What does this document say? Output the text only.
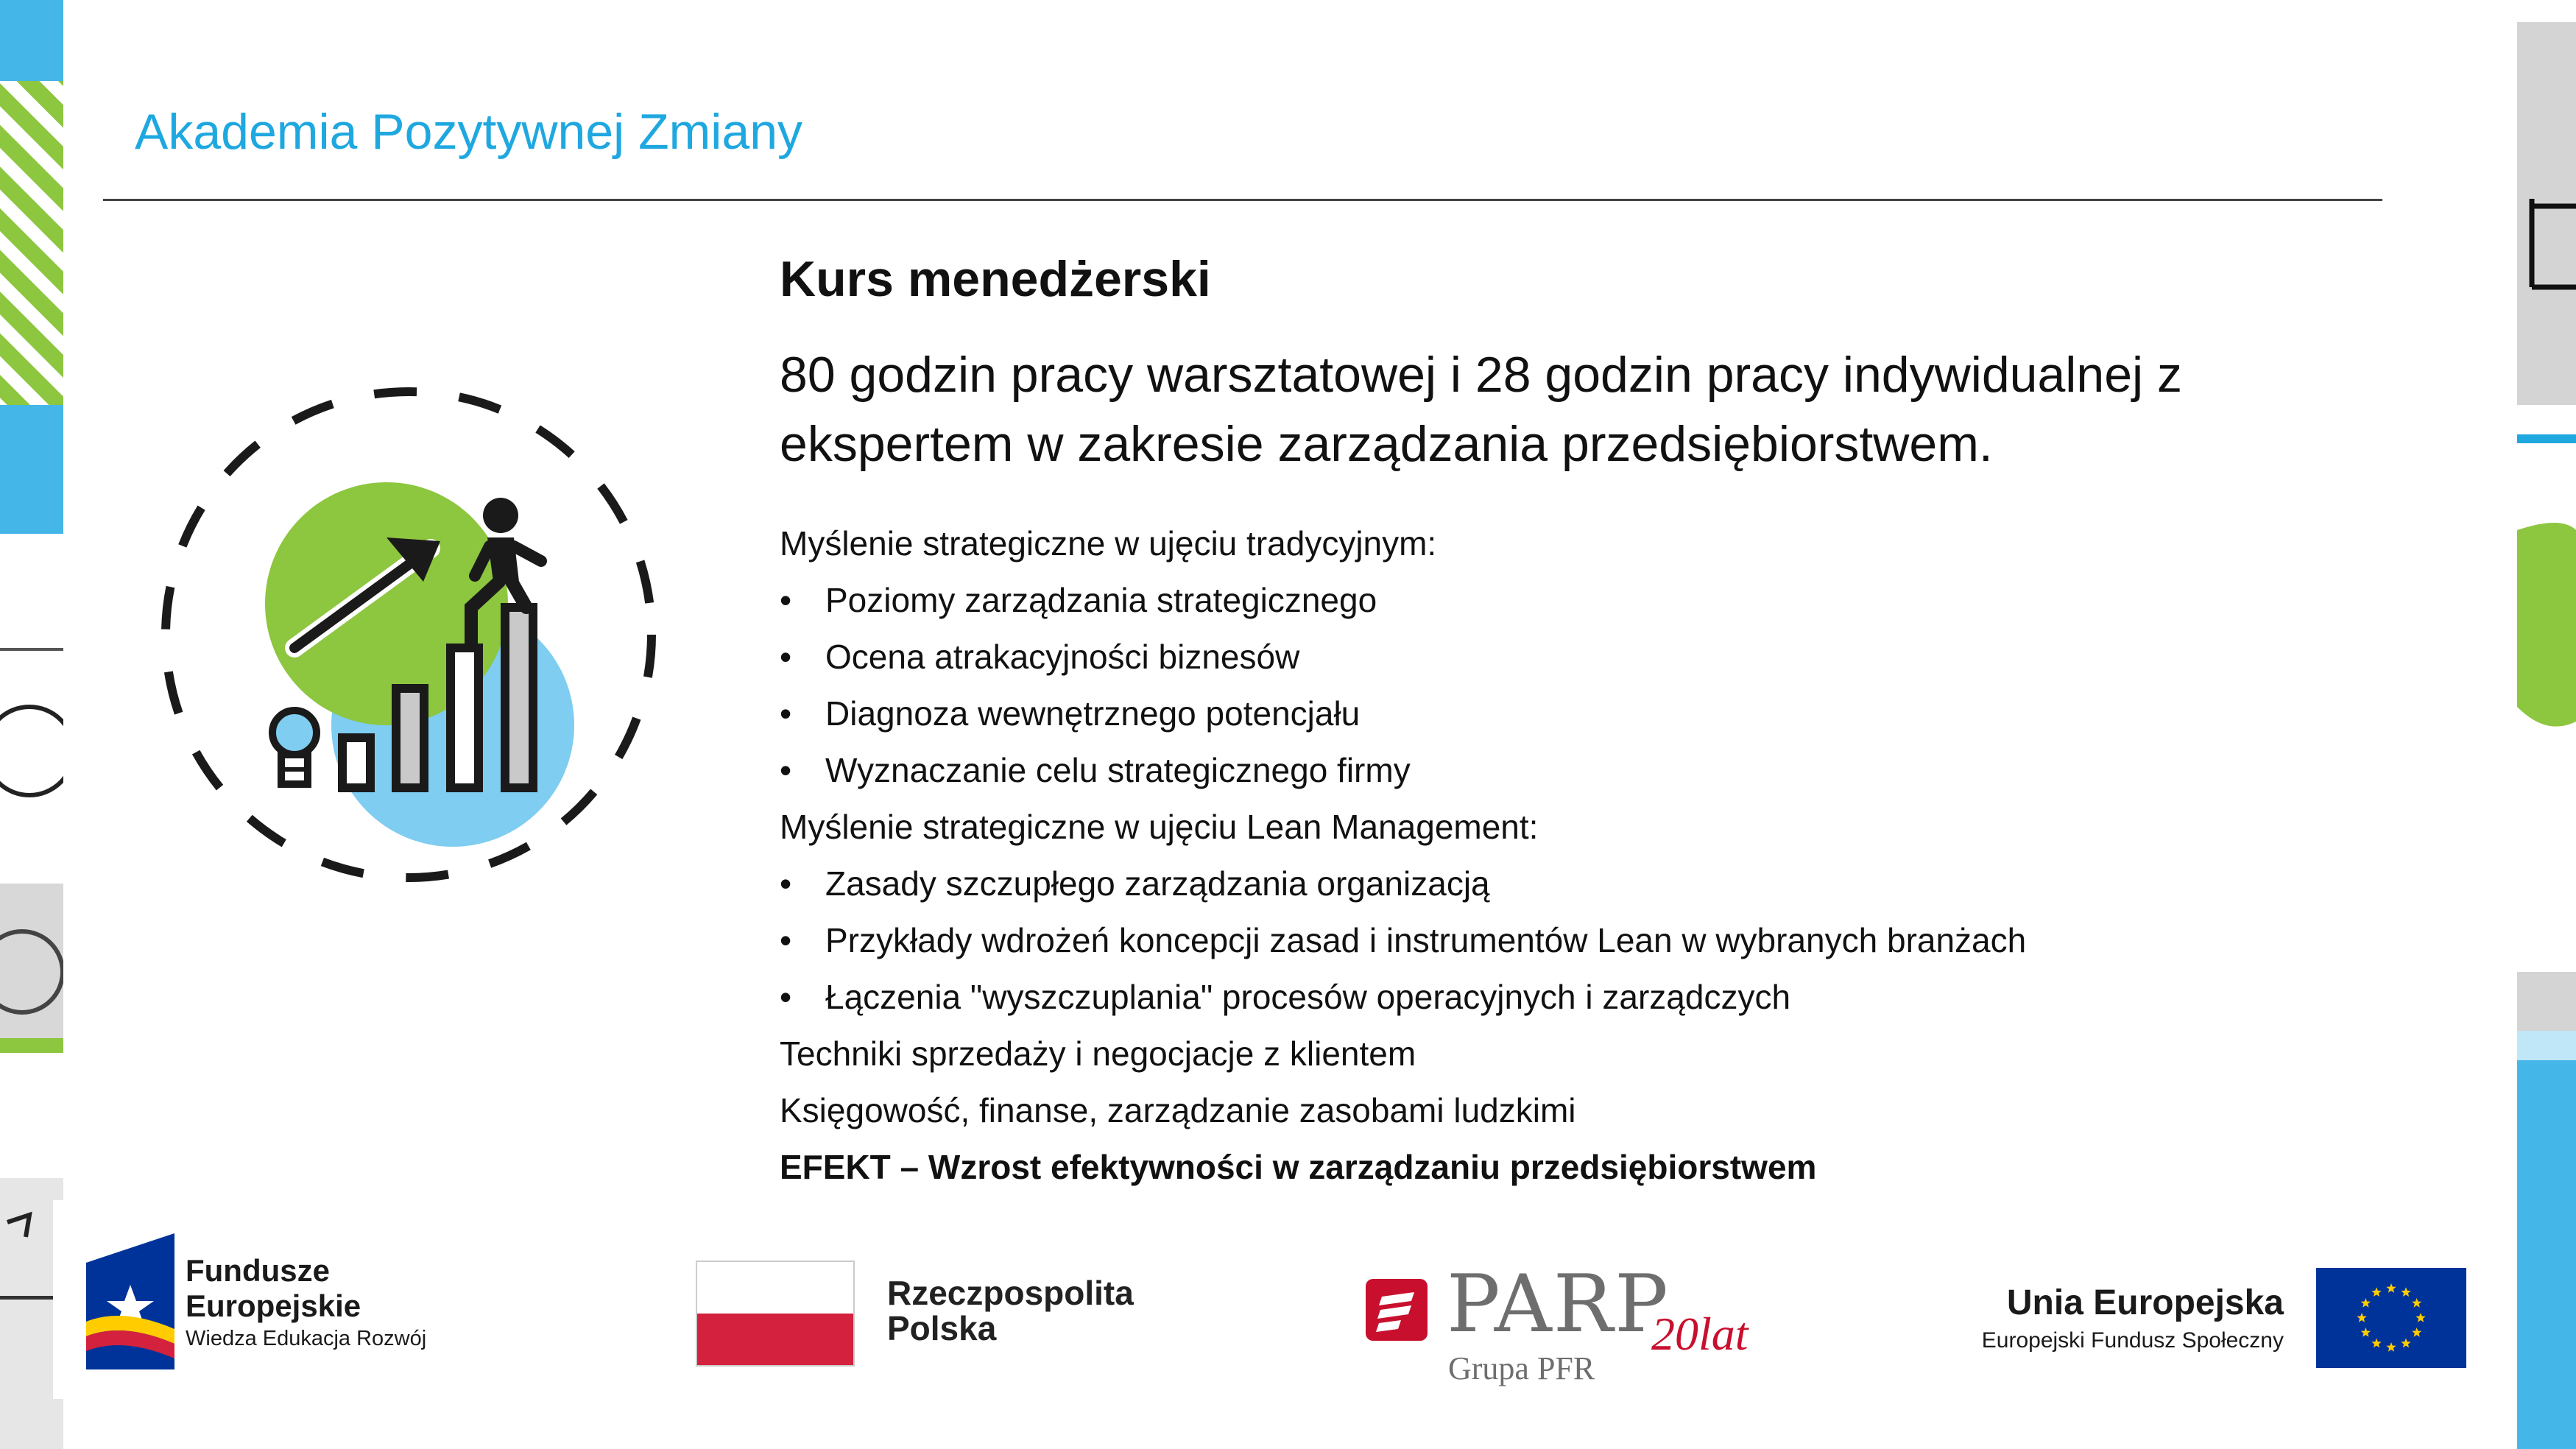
Akademia Pozytywnej Zmiany
Kurs menedżerski
80 godzin pracy warsztatowej i 28 godzin pracy indywidualnej z ekspertem w zakresie zarządzania przedsiębiorstwem.
Myślenie strategiczne w ujęciu tradycyjnym:
• Poziomy zarządzania strategicznego
• Ocena atrakacyjności biznesów
• Diagnoza wewnętrznego potencjału
• Wyznaczanie celu strategicznego firmy
Myślenie strategiczne w ujęciu Lean Management:
• Zasady szczupłego zarządzania organizacją
• Przykłady wdrożeń koncepcji zasad i instrumentów Lean w wybranych branżach
• Łączenia "wyszczuplania" procesów operacyjnych i zarządczych
Techniki sprzedaży i negocjacje z klientem
Księgowość, finanse, zarządzanie zasobami ludzkimi
EFEKT – Wzrost efektywności w zarządzaniu przedsiębiorstwem
Fundusze
Europejskie
Wiedza Edukacja Rozwój
Rzeczpospolita
Polska	PARP
20lat
Grupa PFR
Unia Europejska
Europejski Fundusz Społeczny
